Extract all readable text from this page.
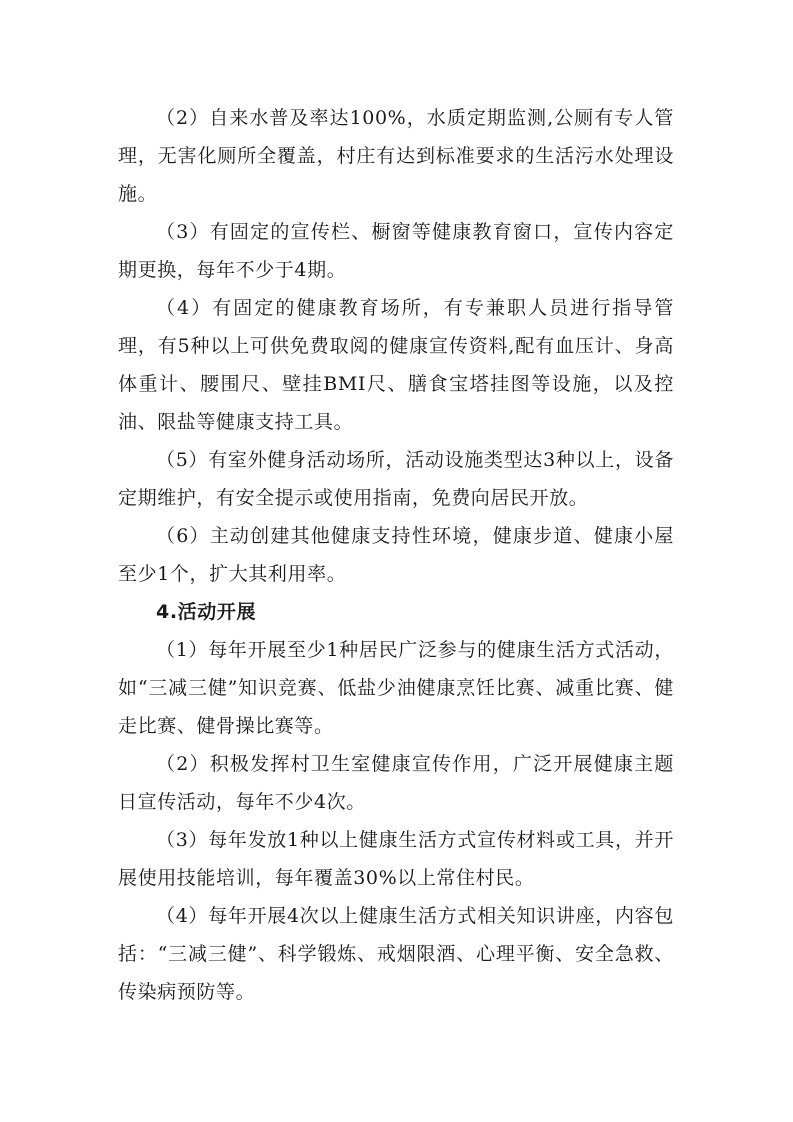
（2）自来水普及率达100%，水质定期监测,公厕有专人管理，无害化厕所全覆盖，村庄有达到标准要求的生活污水处理设施。

（3）有固定的宣传栏、橱窗等健康教育窗口，宣传内容定期更换，每年不少于4期。

（4）有固定的健康教育场所，有专兼职人员进行指导管理，有5种以上可供免费取阅的健康宣传资料,配有血压计、身高体重计、腰围尺、壁挂BMI尺、膳食宝塔挂图等设施，以及控油、限盐等健康支持工具。

（5）有室外健身活动场所，活动设施类型达3种以上，设备定期维护，有安全提示或使用指南，免费向居民开放。

（6）主动创建其他健康支持性环境，健康步道、健康小屋至少1个，扩大其利用率。

4.活动开展

（1）每年开展至少1种居民广泛参与的健康生活方式活动，如“三减三健”知识竞赛、低盐少油健康烹饪比赛、减重比赛、健走比赛、健骨操比赛等。

（2）积极发挥村卫生室健康宣传作用，广泛开展健康主题日宣传活动，每年不少4次。

（3）每年发放1种以上健康生活方式宣传材料或工具，并开展使用技能培训，每年覆盖30%以上常住村民。

（4）每年开展4次以上健康生活方式相关知识讲座，内容包括：“三减三健”、科学锻炼、戒烟限酒、心理平衡、安全急救、传染病预防等。
